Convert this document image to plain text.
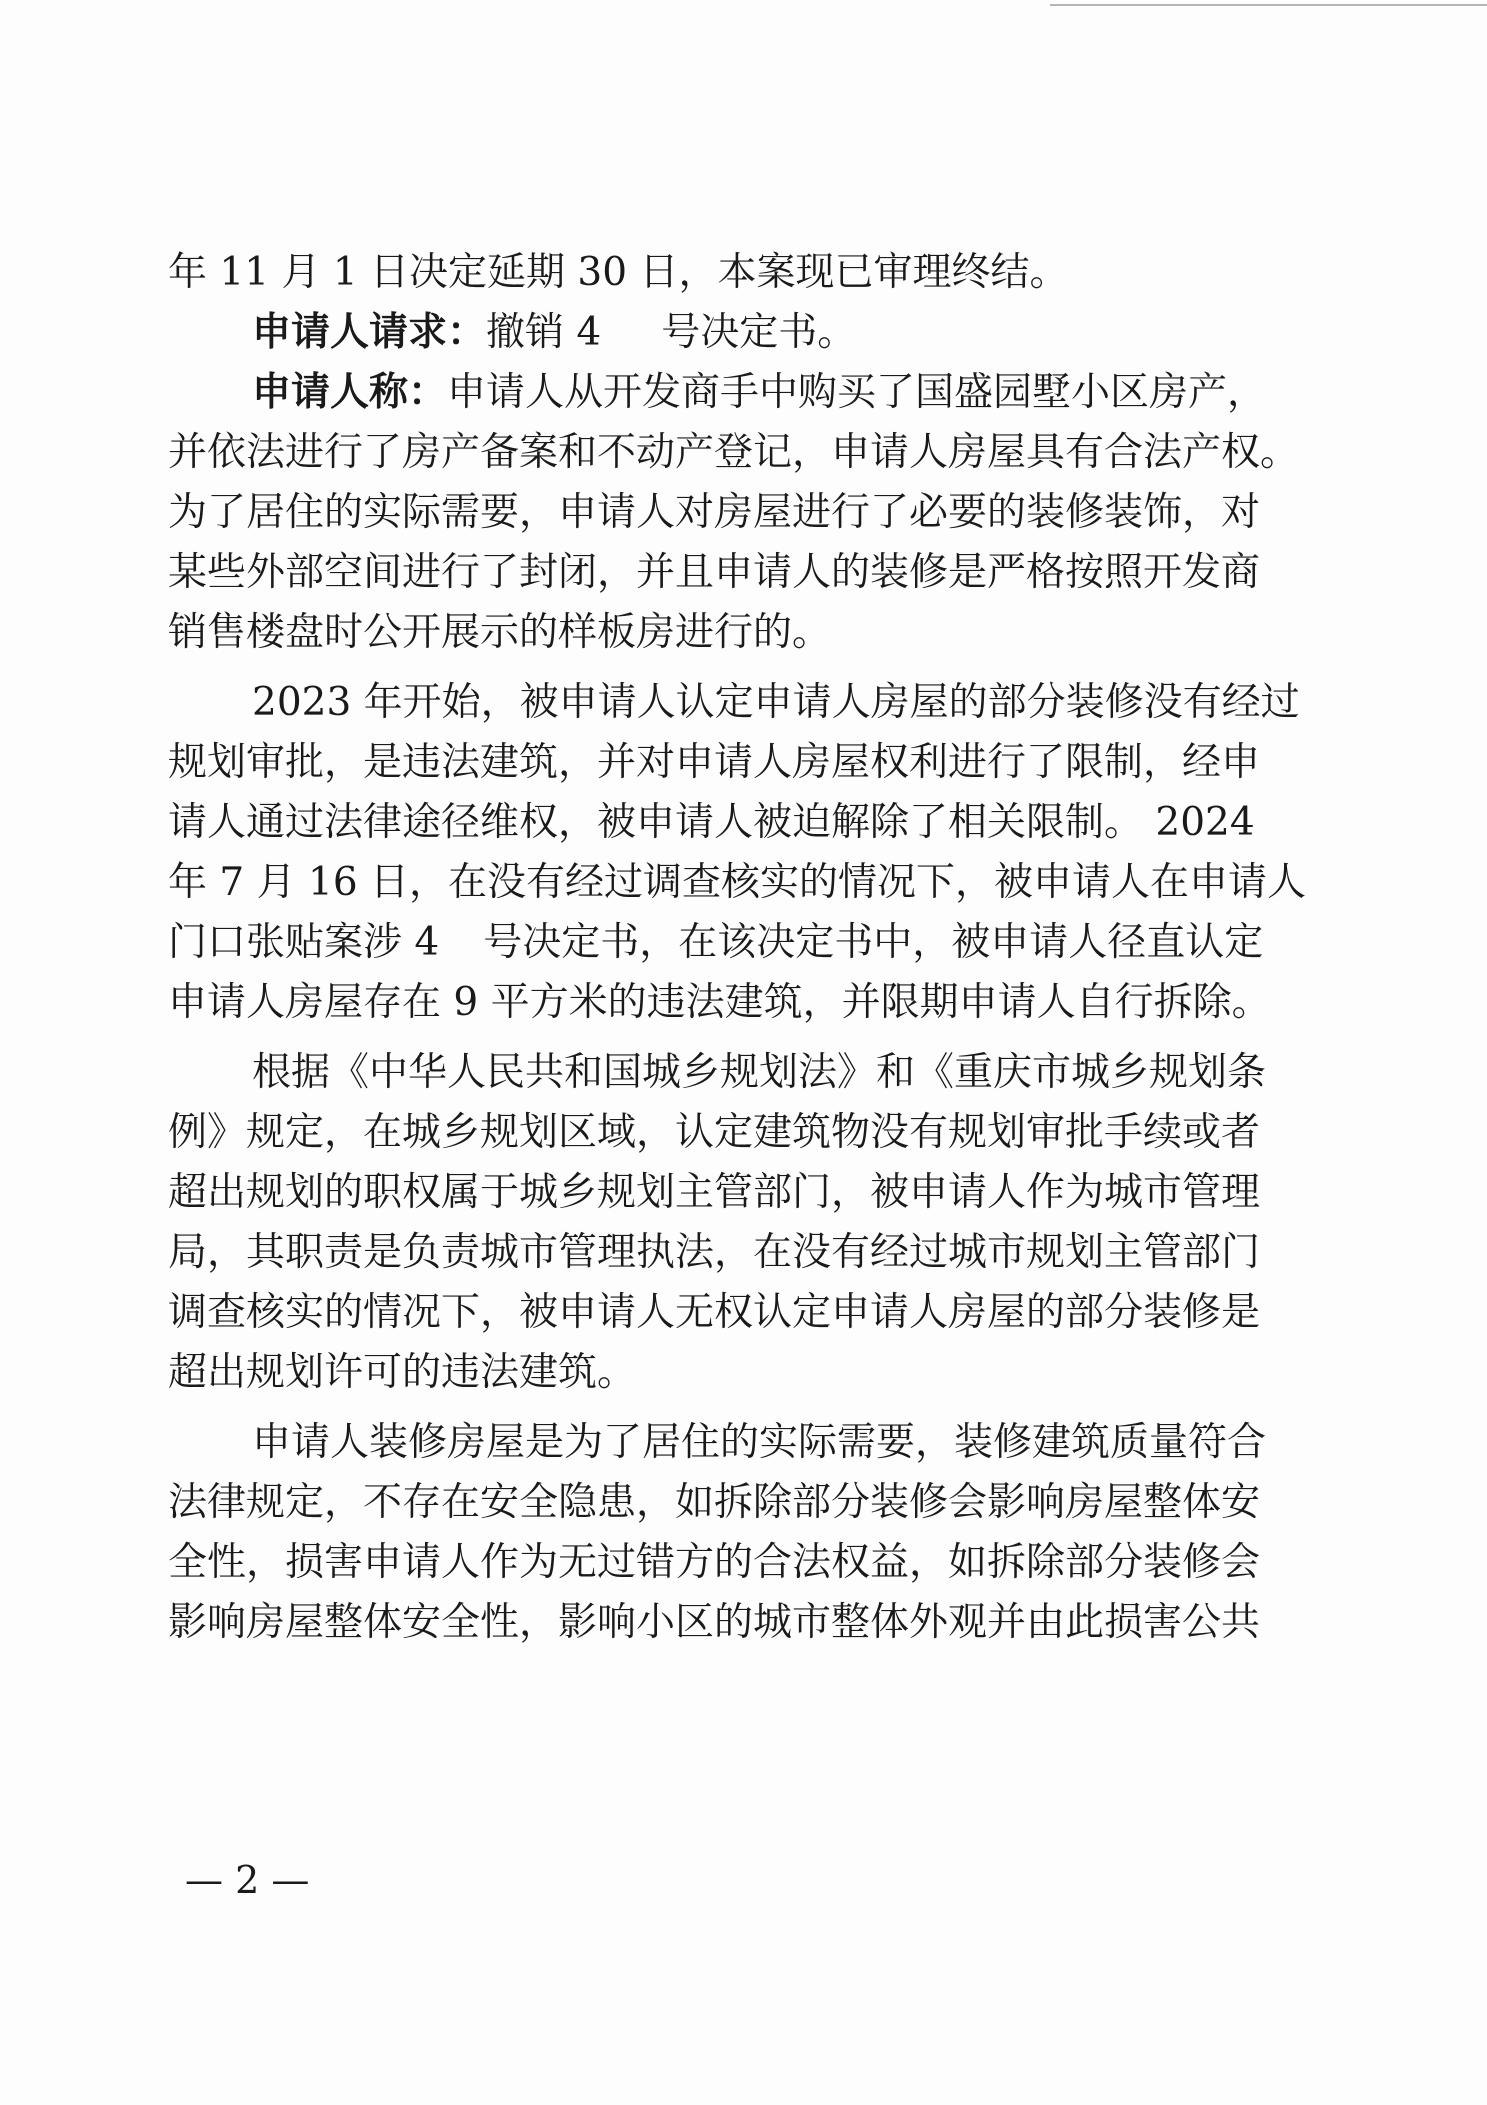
年 11 月 1 日决定延期 30 日，本案现已审理终结。
申请人请求：撤销 4 号决定书。
申请人称：申请人从开发商手中购买了国盛园墅小区房产，
并依法进行了房产备案和不动产登记，申请人房屋具有合法产权。
为了居住的实际需要，申请人对房屋进行了必要的装修装饰，对
某些外部空间进行了封闭，并且申请人的装修是严格按照开发商
销售楼盘时公开展示的样板房进行的。
2023 年开始，被申请人认定申请人房屋的部分装修没有经过
规划审批，是违法建筑，并对申请人房屋权利进行了限制，经申
请人通过法律途径维权，被申请人被迫解除了相关限制。 2024
年 7 月 16 日，在没有经过调查核实的情况下，被申请人在申请人
门口张贴案涉 4 号决定书，在该决定书中，被申请人径直认定
申请人房屋存在 9 平方米的违法建筑，并限期申请人自行拆除。
根据《中华人民共和国城乡规划法》和《重庆市城乡规划条
例》规定，在城乡规划区域，认定建筑物没有规划审批手续或者
超出规划的职权属于城乡规划主管部门，被申请人作为城市管理
局，其职责是负责城市管理执法，在没有经过城市规划主管部门
调查核实的情况下，被申请人无权认定申请人房屋的部分装修是
超出规划许可的违法建筑。
申请人装修房屋是为了居住的实际需要，装修建筑质量符合
法律规定，不存在安全隐患，如拆除部分装修会影响房屋整体安
全性，损害申请人作为无过错方的合法权益，如拆除部分装修会
影响房屋整体安全性，影响小区的城市整体外观并由此损害公共
— 2 —
